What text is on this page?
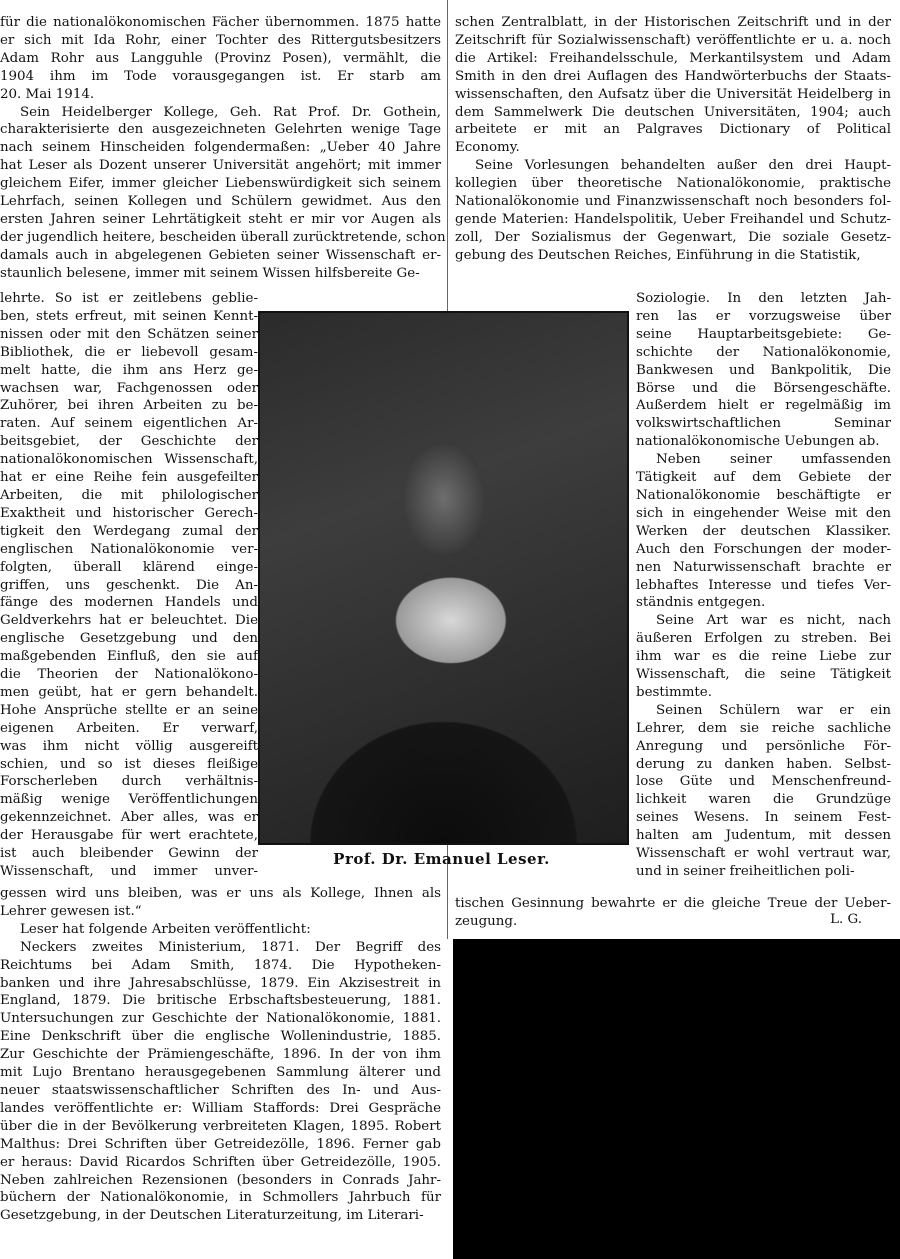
für die nationalökonomischen Fächer übernommen. 1875 hatte
er sich mit Ida Rohr, einer Tochter des Rittergutsbesitzers
Adam Rohr aus Langguhle (Provinz Posen), vermählt, die
1904 ihm im Tode vorausgegangen ist. Er starb am
20. Mai 1914.
Sein Heidelberger Kollege, Geh. Rat Prof. Dr. Gothein,
charakterisierte den ausgezeichneten Gelehrten wenige Tage
nach seinem Hinscheiden folgendermaßen: „Ueber 40 Jahre
hat Leser als Dozent unserer Universität angehört; mit immer
gleichem Eifer, immer gleicher Liebenswürdigkeit sich seinem
Lehrfach, seinen Kollegen und Schülern gewidmet. Aus den
ersten Jahren seiner Lehrtätigkeit steht er mir vor Augen als
der jugendlich heitere, bescheiden überall zurücktretende, schon
damals auch in abgelegenen Gebieten seiner Wissenschaft er-
staunlich belesene, immer mit seinem Wissen hilfsbereite Ge-
lehrte. So ist er zeitlebens geblie-
ben, stets erfreut, mit seinen Kennt-
nissen oder mit den Schätzen seiner
Bibliothek, die er liebevoll gesam-
melt hatte, die ihm ans Herz ge-
wachsen war, Fachgenossen oder
Zuhörer, bei ihren Arbeiten zu be-
raten. Auf seinem eigentlichen Ar-
beitsgebiet, der Geschichte der
nationalökonomischen Wissenschaft,
hat er eine Reihe fein ausgefeilter
Arbeiten, die mit philologischer
Exaktheit und historischer Gerech-
tigkeit den Werdegang zumal der
englischen Nationalökonomie ver-
folgten, überall klärend einge-
griffen, uns geschenkt. Die An-
fänge des modernen Handels und
Geldverkehrs hat er beleuchtet. Die
englische Gesetzgebung und den
maßgebenden Einfluß, den sie auf
die Theorien der Nationalökono-
men geübt, hat er gern behandelt.
Hohe Ansprüche stellte er an seine
eigenen Arbeiten. Er verwarf,
was ihm nicht völlig ausgereift
schien, und so ist dieses fleißige
Forscherleben durch verhältnis-
mäßig wenige Veröffentlichungen
gekennzeichnet. Aber alles, was er
der Herausgabe für wert erachtete,
ist auch bleibender Gewinn der
Wissenschaft, und immer unver-
gessen wird uns bleiben, was er uns als Kollege, Ihnen als
Lehrer gewesen ist.“
Leser hat folgende Arbeiten veröffentlicht:
Neckers zweites Ministerium, 1871. Der Begriff des
Reichtums bei Adam Smith, 1874. Die Hypotheken-
banken und ihre Jahresabschlüsse, 1879. Ein Akzisestreit in
England, 1879. Die britische Erbschaftsbesteuerung, 1881.
Untersuchungen zur Geschichte der Nationalökonomie, 1881.
Eine Denkschrift über die englische Wollenindustrie, 1885.
Zur Geschichte der Prämiengeschäfte, 1896. In der von ihm
mit Lujo Brentano herausgegebenen Sammlung älterer und
neuer staatswissenschaftlicher Schriften des In- und Aus-
landes veröffentlichte er: William Staffords: Drei Gespräche
über die in der Bevölkerung verbreiteten Klagen, 1895. Robert
Malthus: Drei Schriften über Getreidezölle, 1896. Ferner gab
er heraus: David Ricardos Schriften über Getreidezölle, 1905.
Neben zahlreichen Rezensionen (besonders in Conrads Jahr-
büchern der Nationalökonomie, in Schmollers Jahrbuch für
Gesetzgebung, in der Deutschen Literaturzeitung, im Literari-
schen Zentralblatt, in der Historischen Zeitschrift und in der
Zeitschrift für Sozialwissenschaft) veröffentlichte er u. a. noch
die Artikel: Freihandelsschule, Merkantilsystem und Adam
Smith in den drei Auflagen des Handwörterbuchs der Staats-
wissenschaften, den Aufsatz über die Universität Heidelberg in
dem Sammelwerk Die deutschen Universitäten, 1904; auch
arbeitete er mit an Palgraves Dictionary of Political
Economy.
Seine Vorlesungen behandelten außer den drei Haupt-
kollegien über theoretische Nationalökonomie, praktische
Nationalökonomie und Finanzwissenschaft noch besonders fol-
gende Materien: Handelspolitik, Ueber Freihandel und Schutz-
zoll, Der Sozialismus der Gegenwart, Die soziale Gesetz-
gebung des Deutschen Reiches, Einführung in die Statistik,
Soziologie. In den letzten Jah-
ren las er vorzugsweise über
seine Hauptarbeitsgebiete: Ge-
schichte der Nationalökonomie,
Bankwesen und Bankpolitik, Die
Börse und die Börsengeschäfte.
Außerdem hielt er regelmäßig im
volkswirtschaftlichen Seminar
nationalökonomische Uebungen ab.
Neben seiner umfassenden
Tätigkeit auf dem Gebiete der
Nationalökonomie beschäftigte er
sich in eingehender Weise mit den
Werken der deutschen Klassiker.
Auch den Forschungen der moder-
nen Naturwissenschaft brachte er
lebhaftes Interesse und tiefes Ver-
ständnis entgegen.
Seine Art war es nicht, nach
äußeren Erfolgen zu streben. Bei
ihm war es die reine Liebe zur
Wissenschaft, die seine Tätigkeit
bestimmte.
Seinen Schülern war er ein
Lehrer, dem sie reiche sachliche
Anregung und persönliche För-
derung zu danken haben. Selbst-
lose Güte und Menschenfreund-
lichkeit waren die Grundzüge
seines Wesens. In seinem Fest-
halten am Judentum, mit dessen
Wissenschaft er wohl vertraut war,
und in seiner freiheitlichen poli-
tischen Gesinnung bewahrte er die gleiche Treue der Ueber-
zeugung.
Prof. Dr. Emanuel Leser.
L. G.
